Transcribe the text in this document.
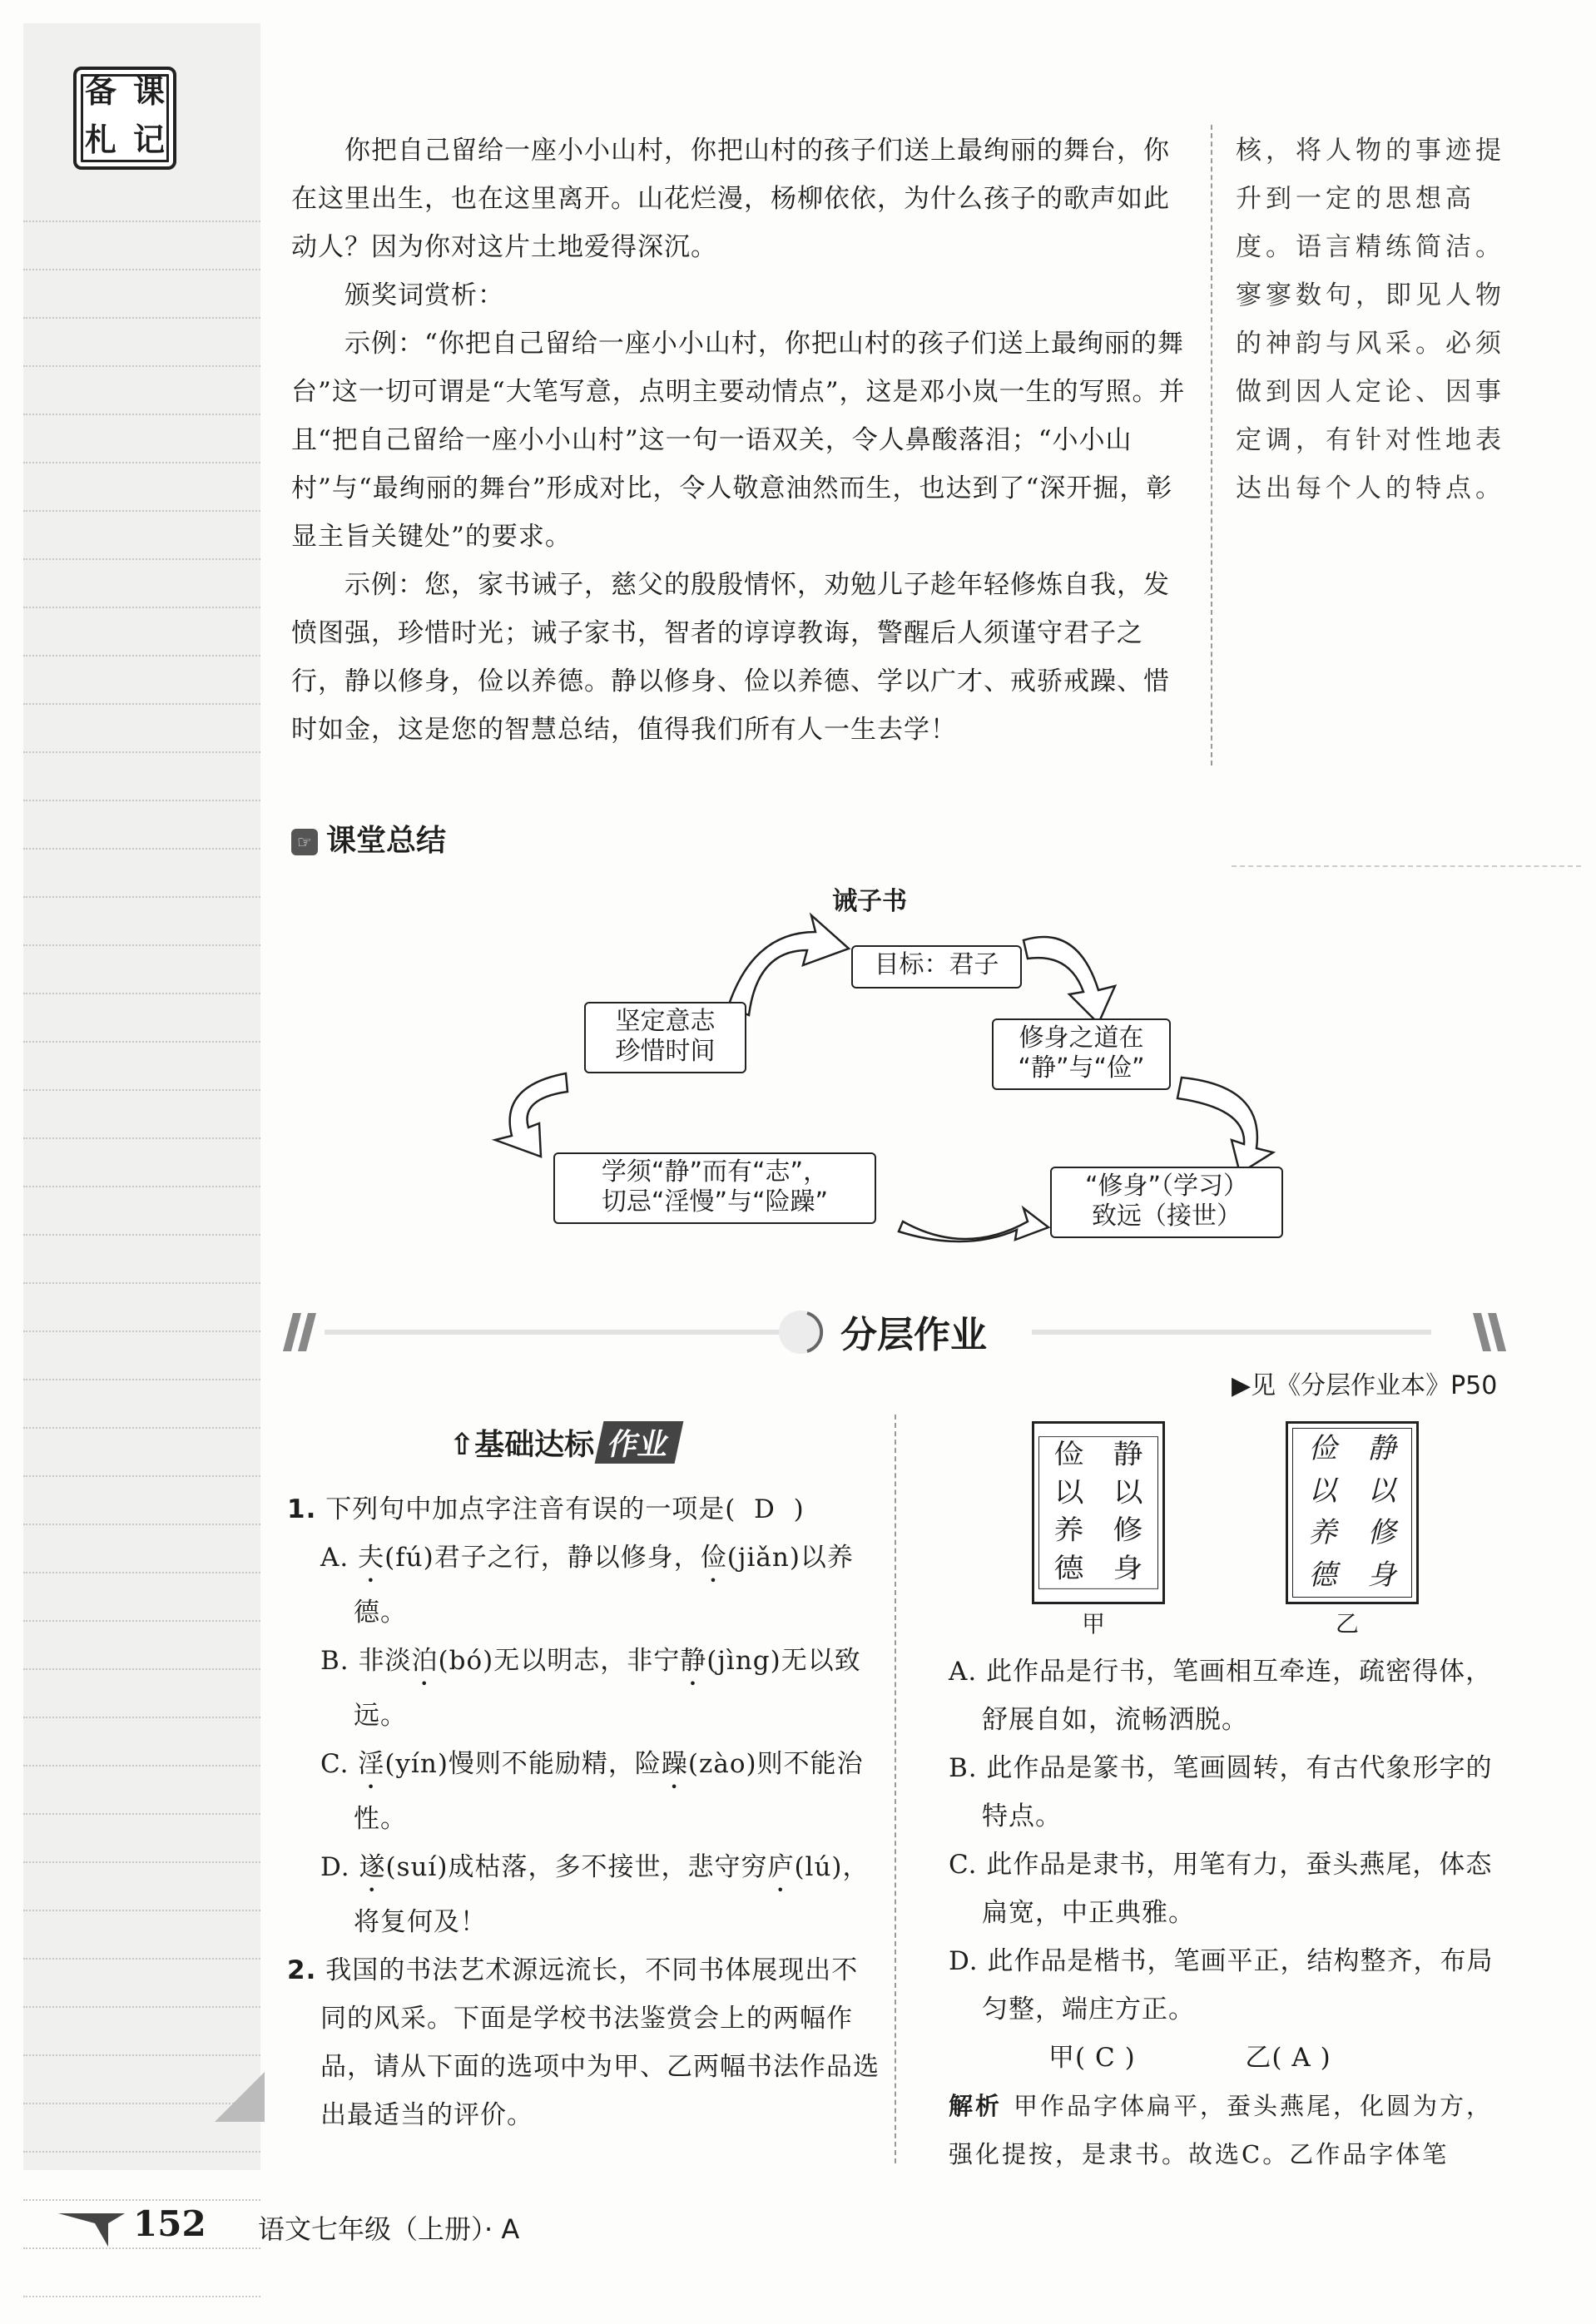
备 课
札 记	你把自己留给一座小小山村，你把山村的孩子们送上最绚丽的舞台，你在这里出生，也在这里离开。山花烂漫，杨柳依依，为什么孩子的歌声如此动人？因为你对这片土地爱得深沉。
颁奖词赏析：
示例：“你把自己留给一座小小山村，你把山村的孩子们送上最绚丽的舞台”这一切可谓是“大笔写意，点明主要动情点”，这是邓小岚一生的写照。并且“把自己留给一座小小山村”这一句一语双关，令人鼻酸落泪；“小小山村”与“最绚丽的舞台”形成对比，令人敬意油然而生，也达到了“深开掘，彰显主旨关键处”的要求。
示例：您，家书诫子，慈父的殷殷情怀，劝勉儿子趁年轻修炼自我，发愤图强，珍惜时光；诫子家书，智者的谆谆教诲，警醒后人须谨守君子之行，静以修身，俭以养德。静以修身、俭以养德、学以广才、戒骄戒躁、惜时如金，这是您的智慧总结，值得我们所有人一生去学！
核，将人物的事迹提升到一定的思想高度。语言精练简洁。寥寥数句，即见人物的神韵与风采。必须做到因人定论、因事定调，有针对性地表达出每个人的特点。
☞ 课堂总结
诫子书
目标：君子
修身之道在
“静”与“俭”
坚定意志
珍惜时间
学须“静”而有“志”，
切忌“淫慢”与“险躁”
“修身”（学习）
致远（接世）
分层作业
▶见《分层作业本》P50
⇧基础达标 作业
1. 下列句中加点字注音有误的一项是( D )
A. 夫(fú)君子之行，静以修身，俭(jiǎn)以养德。
B. 非淡泊(bó)无以明志，非宁静(jìng)无以致远。
C. 淫(yín)慢则不能励精，险躁(zào)则不能治性。
D. 遂(suí)成枯落，多不接世，悲守穷庐(lú)，将复何及！
2. 我国的书法艺术源远流长，不同书体展现出不同的风采。下面是学校书法鉴赏会上的两幅作品，请从下面的选项中为甲、乙两幅书法作品选出最适当的评价。
俭 静
以 以
养 修
德 身
甲
俭	静
以	以
养	修
德	身
乙
A. 此作品是行书，笔画相互牵连，疏密得体，舒展自如，流畅洒脱。
B. 此作品是篆书，笔画圆转，有古代象形字的特点。
C. 此作品是隶书，用笔有力，蚕头燕尾，体态扁宽，中正典雅。
D. 此作品是楷书，笔画平正，结构整齐，布局匀整，端庄方正。
甲( C )	乙( A )
解析 甲作品字体扁平，蚕头燕尾，化圆为方，强化提按，是隶书。故选C。乙作品字体笔
152 语文七年级（上册）· A
